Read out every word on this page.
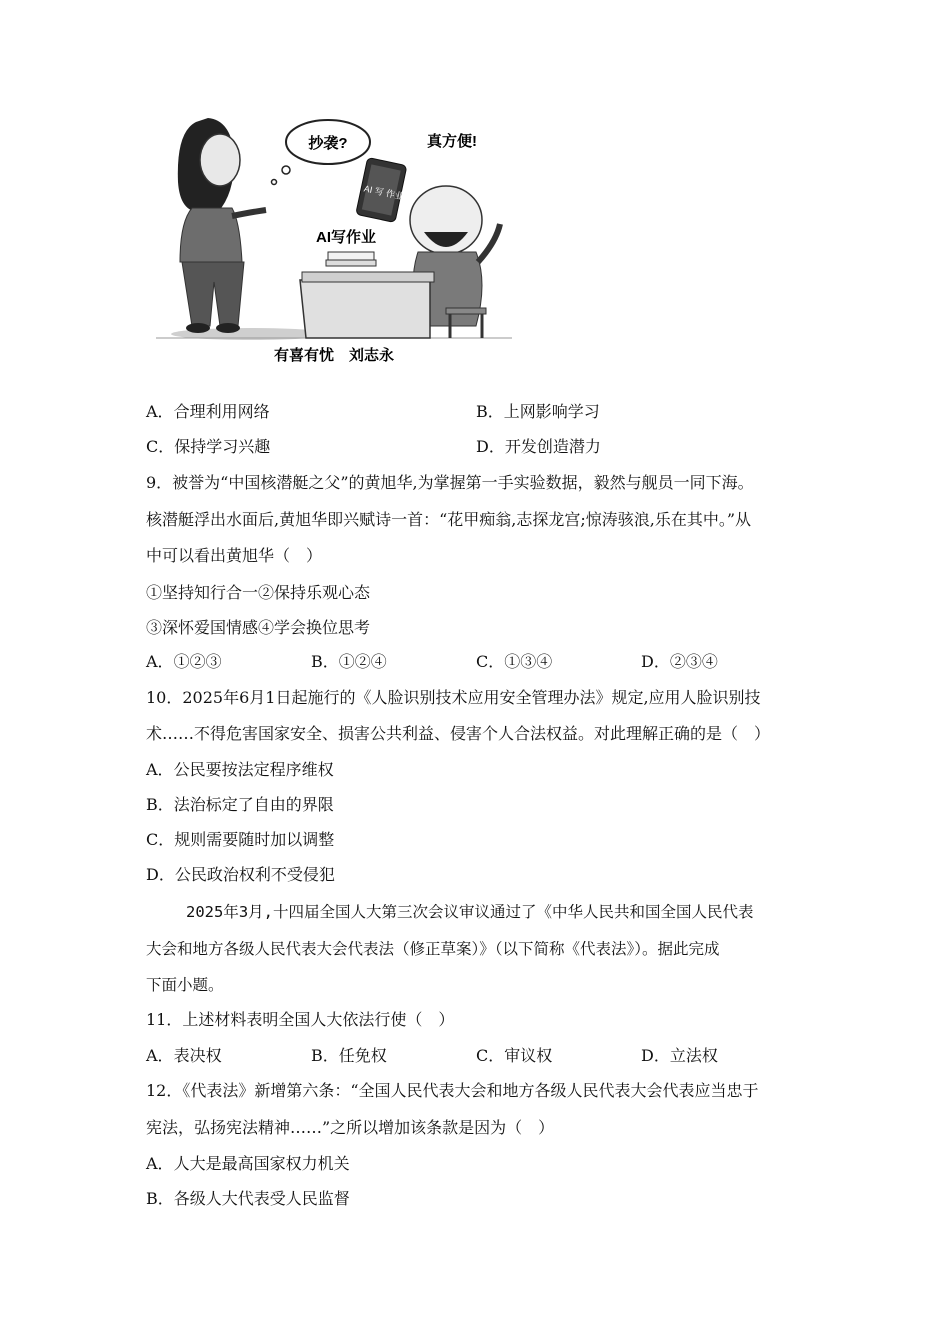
抄袭?	真方便!
AI写作业
AI 写 作业
有喜有忧　刘志永
A．合理利用网络	B．上网影响学习
C．保持学习兴趣	D．开发创造潜力
9．被誉为“中国核潜艇之父”的黄旭华,为掌握第一手实验数据，毅然与舰员一同下海。
核潜艇浮出水面后,黄旭华即兴赋诗一首：“花甲痴翁,志探龙宫;惊涛骇浪,乐在其中。”从
中可以看出黄旭华（　）
①坚持知行合一②保持乐观心态
③深怀爱国情感④学会换位思考
A．①②③	B．①②④	C．①③④	D．②③④
10．2025年6月1日起施行的《人脸识别技术应用安全管理办法》规定,应用人脸识别技
术……不得危害国家安全、损害公共利益、侵害个人合法权益。对此理解正确的是（　）
A．公民要按法定程序维权
B．法治标定了自由的界限
C．规则需要随时加以调整
D．公民政治权利不受侵犯
2025年3月,十四届全国人大第三次会议审议通过了《中华人民共和国全国人民代表
大会和地方各级人民代表大会代表法（修正草案）》（以下简称《代表法》）。据此完成
下面小题。
11．上述材料表明全国人大依法行使（　）
A．表决权	B．任免权	C．审议权	D．立法权
12．《代表法》新增第六条：“全国人民代表大会和地方各级人民代表大会代表应当忠于
宪法，弘扬宪法精神……”之所以增加该条款是因为（　）
A．人大是最高国家权力机关
B．各级人大代表受人民监督
